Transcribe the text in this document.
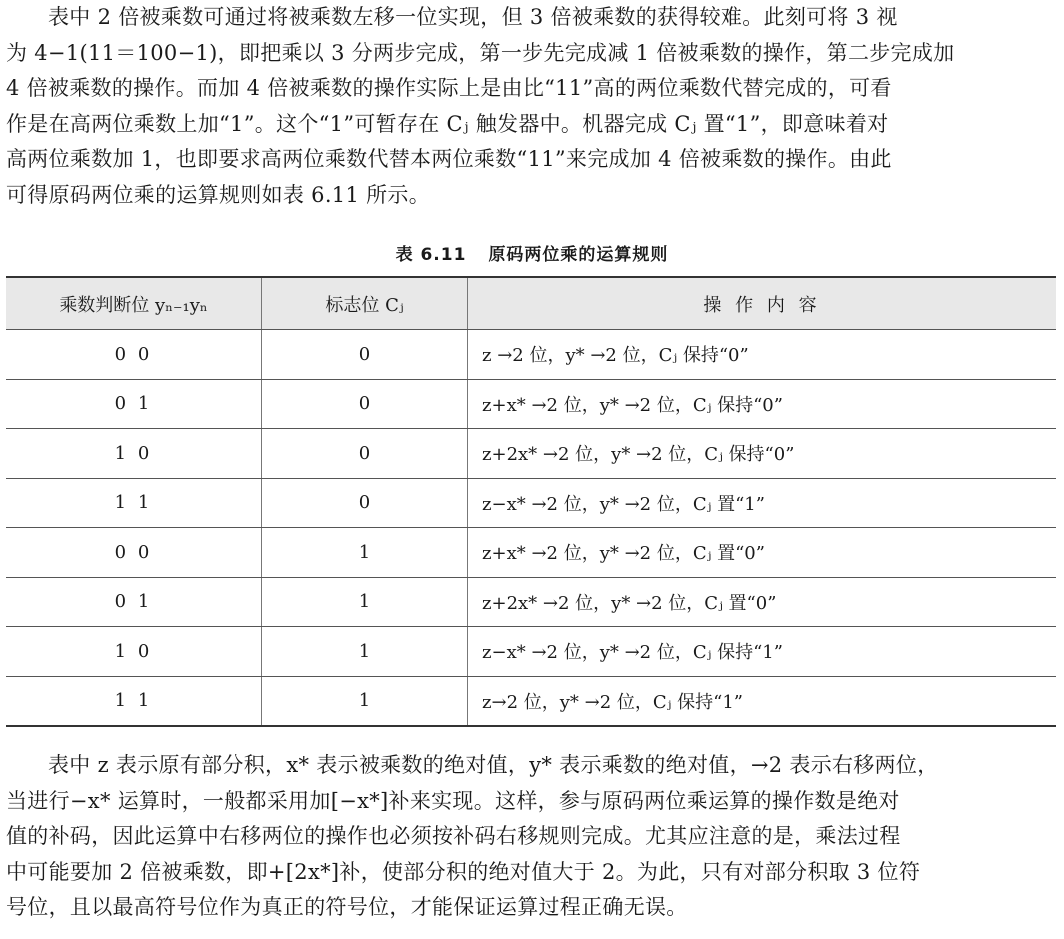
表中 2 倍被乘数可通过将被乘数左移一位实现，但 3 倍被乘数的获得较难。此刻可将 3 视
为 4−1(11＝100−1)，即把乘以 3 分两步完成，第一步先完成减 1 倍被乘数的操作，第二步完成加
4 倍被乘数的操作。而加 4 倍被乘数的操作实际上是由比“11”高的两位乘数代替完成的，可看
作是在高两位乘数上加“1”。这个“1”可暂存在 Cⱼ 触发器中。机器完成 Cⱼ 置“1”，即意味着对
高两位乘数加 1，也即要求高两位乘数代替本两位乘数“11”来完成加 4 倍被乘数的操作。由此
可得原码两位乘的运算规则如表 6.11 所示。
表 6.11 原码两位乘的运算规则
乘数判断位 yₙ₋₁yₙ	标志位 Cⱼ	操 作 内 容
0 0	0	z →2 位，y* →2 位，Cⱼ 保持“0”
0 1	0	z+x* →2 位，y* →2 位，Cⱼ 保持“0”
1 0	0	z+2x* →2 位，y* →2 位，Cⱼ 保持“0”
1 1	0	z−x* →2 位，y* →2 位，Cⱼ 置“1”
0 0	1	z+x* →2 位，y* →2 位，Cⱼ 置“0”
0 1	1	z+2x* →2 位，y* →2 位，Cⱼ 置“0”
1 0	1	z−x* →2 位，y* →2 位，Cⱼ 保持“1”
1 1	1	z→2 位，y* →2 位，Cⱼ 保持“1”
表中 z 表示原有部分积，x* 表示被乘数的绝对值，y* 表示乘数的绝对值，→2 表示右移两位，
当进行−x* 运算时，一般都采用加[−x*]补来实现。这样，参与原码两位乘运算的操作数是绝对
值的补码，因此运算中右移两位的操作也必须按补码右移规则完成。尤其应注意的是，乘法过程
中可能要加 2 倍被乘数，即+[2x*]补，使部分积的绝对值大于 2。为此，只有对部分积取 3 位符
号位，且以最高符号位作为真正的符号位，才能保证运算过程正确无误。
